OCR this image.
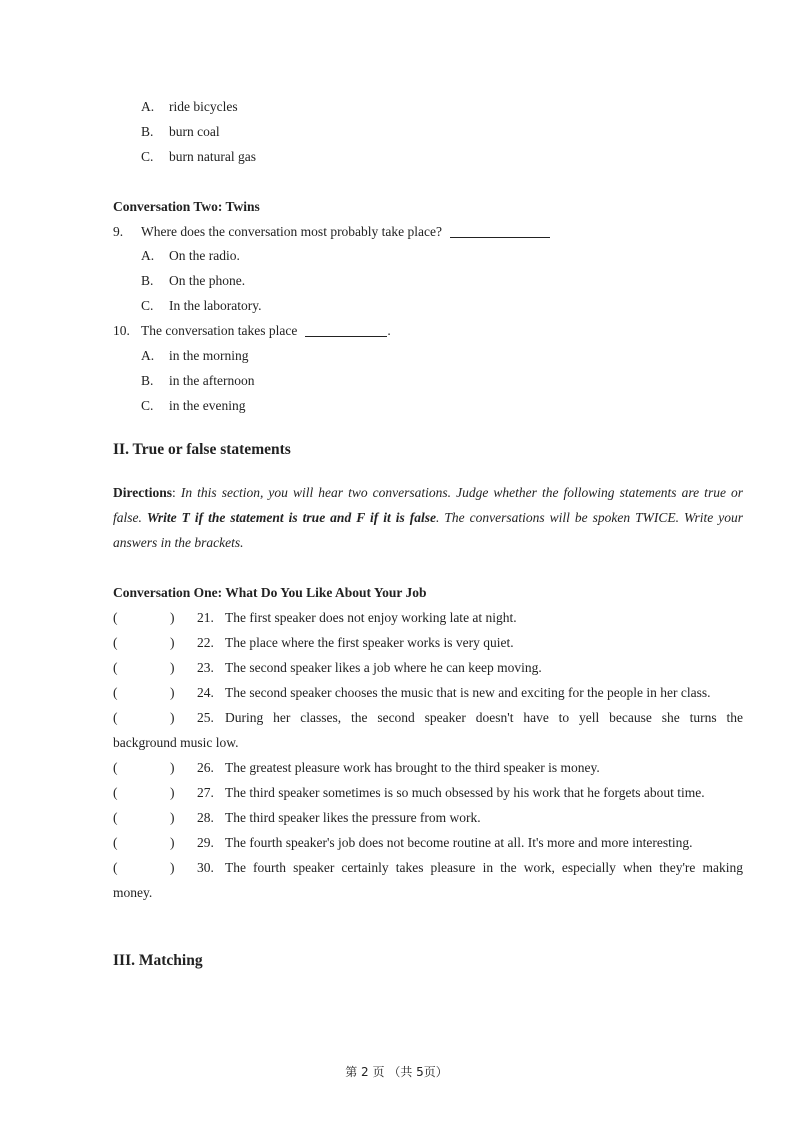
A. ride bicycles
B. burn coal
C. burn natural gas
Conversation Two: Twins
9. Where does the conversation most probably take place?
A. On the radio.
B. On the phone.
C. In the laboratory.
10. The conversation takes place	.
A. in the morning
B. in the afternoon
C. in the evening
II. True or false statements
Directions: In this section, you will hear two conversations. Judge whether the following statements are true or false. Write T if the statement is true and F if it is false. The conversations will be spoken TWICE. Write your answers in the brackets.
Conversation One: What Do You Like About Your Job
(	) 21. The first speaker does not enjoy working late at night.
(	) 22. The place where the first speaker works is very quiet.
(	) 23. The second speaker likes a job where he can keep moving.
(	) 24. The second speaker chooses the music that is new and exciting for the people in her class.
(	) 25. During her classes, the second speaker doesn't have to yell because she turns the
background music low.
(	) 26. The greatest pleasure work has brought to the third speaker is money.
(	) 27. The third speaker sometimes is so much obsessed by his work that he forgets about time.
(	) 28. The third speaker likes the pressure from work.
(	) 29. The fourth speaker's job does not become routine at all. It's more and more interesting.
(	) 30. The fourth speaker certainly takes pleasure in the work, especially when they're making
money.
III. Matching
第 2 页 （共 5页）
